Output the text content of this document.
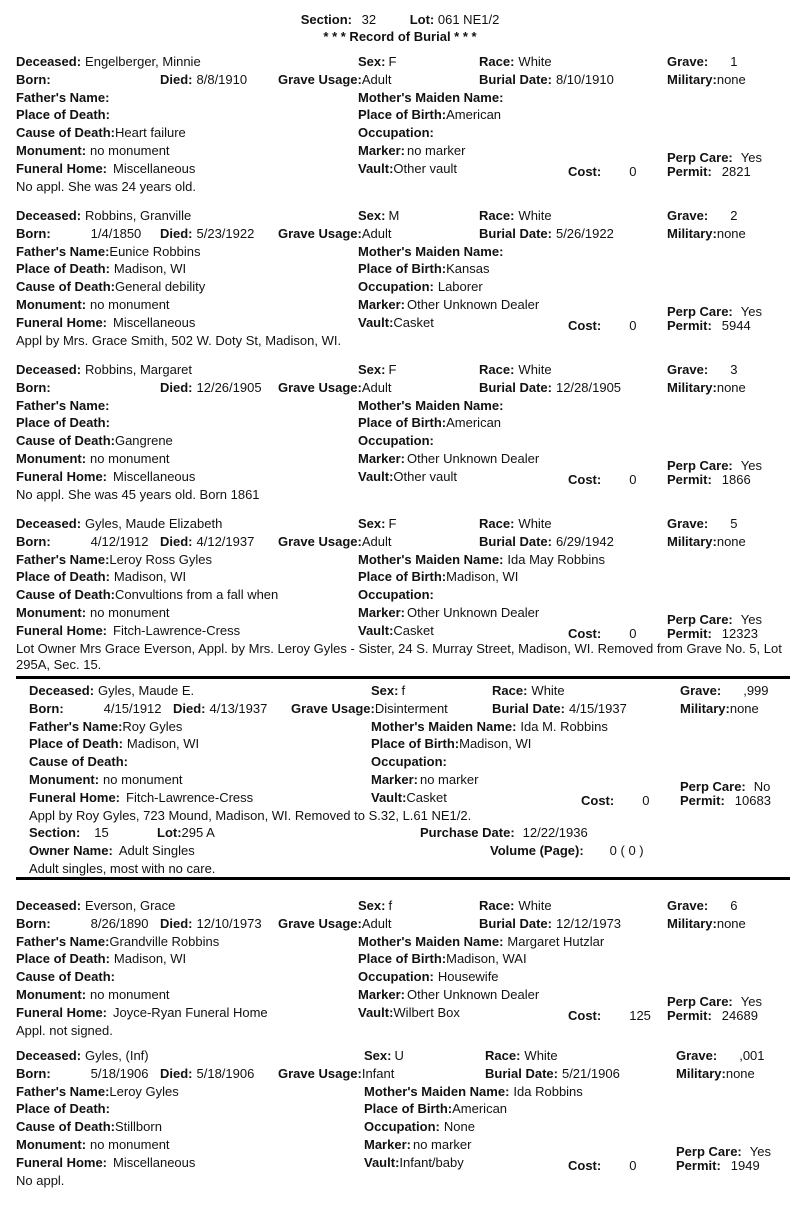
Section: 32	Lot: 061 NE1/2
* * * Record of Burial * * *
Deceased: Engelberger, Minnie	Sex: F	Race: White	Grave: 1
Born:	Died: 8/8/1910 Grave Usage:Adult	Burial Date: 8/10/1910	Military:none
Father's Name:	Mother's Maiden Name:
Place of Death:	Place of Birth:American
Cause of Death:Heart failure	Occupation:
Monument: no monument	Marker: no marker	Perp Care: Yes
Funeral Home: Miscellaneous	Vault:Other vault	Cost: 0 Permit: 2821
No appl. She was 24 years old.
Deceased: Robbins, Granville	Sex: M	Race: White	Grave: 2
Born:	1/4/1850 Died: 5/23/1922 Grave Usage:Adult	Burial Date: 5/26/1922	Military:none
Father's Name:Eunice Robbins	Mother's Maiden Name:
Place of Death: Madison, WI	Place of Birth:Kansas
Cause of Death:General debility	Occupation: Laborer
Monument: no monument	Marker: Other Unknown Dealer	Perp Care: Yes
Funeral Home: Miscellaneous	Vault:Casket	Cost: 0 Permit: 5944
Appl by Mrs. Grace Smith, 502 W. Doty St, Madison, WI.
Deceased: Robbins, Margaret	Sex: F	Race: White	Grave: 3
Born:	Died: 12/26/1905 Grave Usage:Adult	Burial Date: 12/28/1905	Military:none
Father's Name:	Mother's Maiden Name:
Place of Death:	Place of Birth:American
Cause of Death:Gangrene	Occupation:
Monument: no monument	Marker: Other Unknown Dealer	Perp Care: Yes
Funeral Home: Miscellaneous	Vault:Other vault	Cost: 0 Permit: 1866
No appl. She was 45 years old. Born 1861
Deceased: Gyles, Maude Elizabeth	Sex: F	Race: White	Grave: 5
Born:	4/12/1912 Died: 4/12/1937 Grave Usage:Adult	Burial Date: 6/29/1942	Military:none
Father's Name:Leroy Ross Gyles	Mother's Maiden Name: Ida May Robbins
Place of Death: Madison, WI	Place of Birth:Madison, WI
Cause of Death:Convultions from a fall when	Occupation:
Monument: no monument	Marker: Other Unknown Dealer	Perp Care: Yes
Funeral Home: Fitch-Lawrence-Cress	Vault:Casket	Cost: 0 Permit: 12323
Lot Owner Mrs Grace Everson, Appl. by Mrs. Leroy Gyles - Sister, 24 S. Murray Street, Madison, WI. Removed from Grave No. 5, Lot 295A, Sec. 15.
Deceased: Gyles, Maude E.	Sex: f	Race: White	Grave: ,999
Born:	4/15/1912 Died: 4/13/1937 Grave Usage:Disinterment	Burial Date: 4/15/1937	Military:none
Father's Name:Roy Gyles	Mother's Maiden Name: Ida M. Robbins
Place of Death: Madison, WI	Place of Birth:Madison, WI
Cause of Death:	Occupation:
Monument: no monument	Marker: no marker	Perp Care: No
Funeral Home: Fitch-Lawrence-Cress	Vault:Casket	Cost: 0 Permit: 10683
Appl by Roy Gyles, 723 Mound, Madison, WI. Removed to S.32, L.61 NE1/2.
Section: 15	Lot:295 A	Purchase Date: 12/22/1936
Owner Name: Adult Singles	Volume (Page): 0 ( 0 )
Adult singles, most with no care.
Deceased: Everson, Grace	Sex: f	Race: White	Grave: 6
Born:	8/26/1890 Died: 12/10/1973 Grave Usage:Adult	Burial Date: 12/12/1973	Military:none
Father's Name:Grandville Robbins	Mother's Maiden Name: Margaret Hutzlar
Place of Death: Madison, WI	Place of Birth:Madison, WAI
Cause of Death:	Occupation: Housewife
Monument: no monument	Marker: Other Unknown Dealer	Perp Care: Yes
Funeral Home: Joyce-Ryan Funeral Home	Vault:Wilbert Box	Cost: 125 Permit: 24689
Appl. not signed.
Deceased: Gyles, (Inf)	Sex: U	Race: White	Grave: ,001
Born:	5/18/1906 Died: 5/18/1906 Grave Usage:Infant	Burial Date: 5/21/1906	Military:none
Father's Name:Leroy Gyles	Mother's Maiden Name: Ida Robbins
Place of Death:	Place of Birth:American
Cause of Death:Stillborn	Occupation: None
Monument: no monument	Marker: no marker	Perp Care: Yes
Funeral Home: Miscellaneous	Vault:Infant/baby	Cost: 0	Permit: 1949
No appl.
